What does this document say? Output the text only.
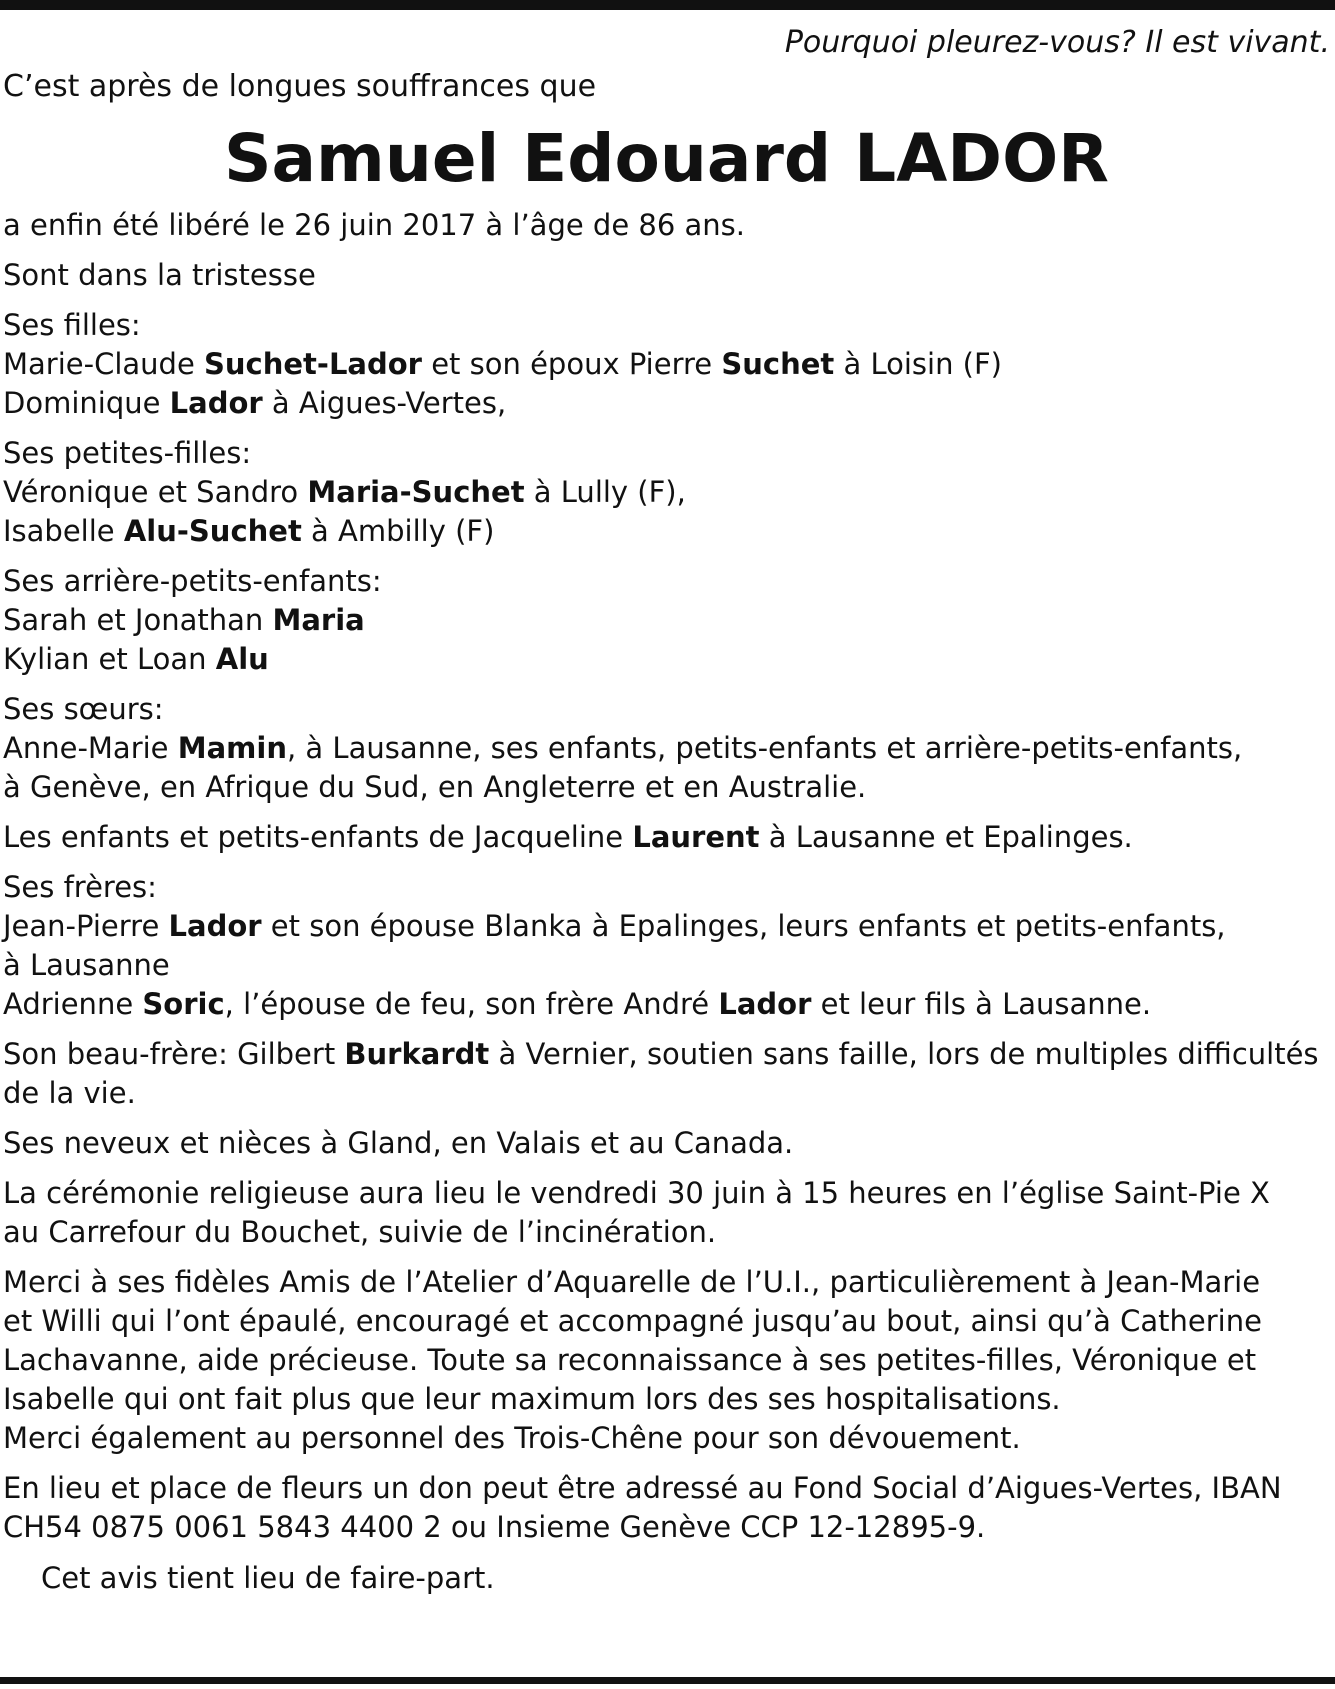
Pourquoi pleurez-vous? Il est vivant.

C’est après de longues souffrances que

Samuel Edouard LADOR
a enfin été libéré le 26 juin 2017 à l’âge de 86 ans.
Sont dans la tristesse
Ses filles:
Marie-Claude Suchet-Lador et son époux Pierre Suchet à Loisin (F)
Dominique Lador à Aigues-Vertes,
Ses petites-filles:
Véronique et Sandro Maria-Suchet à Lully (F),
Isabelle Alu-Suchet à Ambilly (F)
Ses arrière-petits-enfants:
Sarah et Jonathan Maria
Kylian et Loan Alu
Ses sœurs:
Anne-Marie Mamin, à Lausanne, ses enfants, petits-enfants et arrière-petits-enfants,
à Genève, en Afrique du Sud, en Angleterre et en Australie.
Les enfants et petits-enfants de Jacqueline Laurent à Lausanne et Epalinges.
Ses frères:
Jean-Pierre Lador et son épouse Blanka à Epalinges, leurs enfants et petits-enfants,
à Lausanne
Adrienne Soric, l’épouse de feu, son frère André Lador et leur fils à Lausanne.
Son beau-frère: Gilbert Burkardt à Vernier, soutien sans faille, lors de multiples difficultés
de la vie.
Ses neveux et nièces à Gland, en Valais et au Canada.
La cérémonie religieuse aura lieu le vendredi 30 juin à 15 heures en l’église Saint-Pie X
au Carrefour du Bouchet, suivie de l’incinération.
Merci à ses fidèles Amis de l’Atelier d’Aquarelle de l’U.I., particulièrement à Jean-Marie
et Willi qui l’ont épaulé, encouragé et accompagné jusqu’au bout, ainsi qu’à Catherine
Lachavanne, aide précieuse. Toute sa reconnaissance à ses petites-filles, Véronique et
Isabelle qui ont fait plus que leur maximum lors des ses hospitalisations.
Merci également au personnel des Trois-Chêne pour son dévouement.
En lieu et place de fleurs un don peut être adressé au Fond Social d’Aigues-Vertes, IBAN
CH54 0875 0061 5843 4400 2 ou Insieme Genève CCP 12-12895-9.

Cet avis tient lieu de faire-part.
